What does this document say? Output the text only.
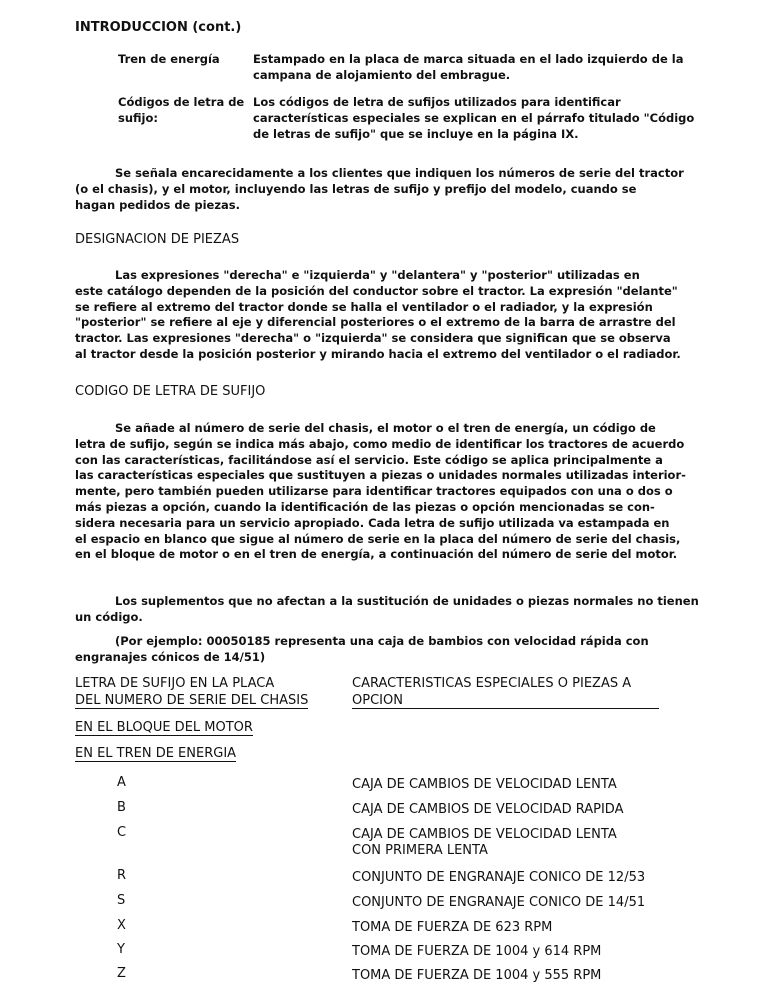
INTRODUCCION (cont.)
Tren de energía	Estampado en la placa de marca situada en el lado izquierdo de la
campana de alojamiento del embrague.
Códigos de letra de
sufijo:
Los códigos de letra de sufijos utilizados para identificar
características especiales se explican en el párrafo titulado "Código
de letras de sufijo" que se incluye en la página IX.
Se señala encarecidamente a los clientes que indiquen los números de serie del tractor
(o el chasis), y el motor, incluyendo las letras de sufijo y prefijo del modelo, cuando se
hagan pedidos de piezas.
DESIGNACION DE PIEZAS
Las expresiones "derecha" e "izquierda" y "delantera" y "posterior" utilizadas en
este catálogo dependen de la posición del conductor sobre el tractor. La expresión "delante"
se refiere al extremo del tractor donde se halla el ventilador o el radiador, y la expresión
"posterior" se refiere al eje y diferencial posteriores o el extremo de la barra de arrastre del
tractor. Las expresiones "derecha" o "izquierda" se considera que significan que se observa
al tractor desde la posición posterior y mirando hacia el extremo del ventilador o el radiador.
CODIGO DE LETRA DE SUFIJO
Se añade al número de serie del chasis, el motor o el tren de energía, un código de
letra de sufijo, según se indica más abajo, como medio de identificar los tractores de acuerdo
con las características, facilitándose así el servicio. Este código se aplica principalmente a
las características especiales que sustituyen a piezas o unidades normales utilizadas interior-
mente, pero también pueden utilizarse para identificar tractores equipados con una o dos o
más piezas a opción, cuando la identificación de las piezas o opción mencionadas se con-
sidera necesaria para un servicio apropiado. Cada letra de sufijo utilizada va estampada en
el espacio en blanco que sigue al número de serie en la placa del número de serie del chasis,
en el bloque de motor o en el tren de energía, a continuación del número de serie del motor.
Los suplementos que no afectan a la sustitución de unidades o piezas normales no tienen
un código.
(Por ejemplo: 00050185 representa una caja de bambios con velocidad rápida con
engranajes cónicos de 14/51)
LETRA DE SUFIJO EN LA PLACA
DEL NUMERO DE SERIE DEL CHASIS
EN EL BLOQUE DEL MOTOR
EN EL TREN DE ENERGIA
CARACTERISTICAS ESPECIALES O PIEZAS A
OPCION
A	CAJA DE CAMBIOS DE VELOCIDAD LENTA
B	CAJA DE CAMBIOS DE VELOCIDAD RAPIDA
C	CAJA DE CAMBIOS DE VELOCIDAD LENTA
CON PRIMERA LENTA
R	CONJUNTO DE ENGRANAJE CONICO DE 12/53
S	CONJUNTO DE ENGRANAJE CONICO DE 14/51
X	TOMA DE FUERZA DE 623 RPM
Y	TOMA DE FUERZA DE 1004 y 614 RPM
Z	TOMA DE FUERZA DE 1004 y 555 RPM
